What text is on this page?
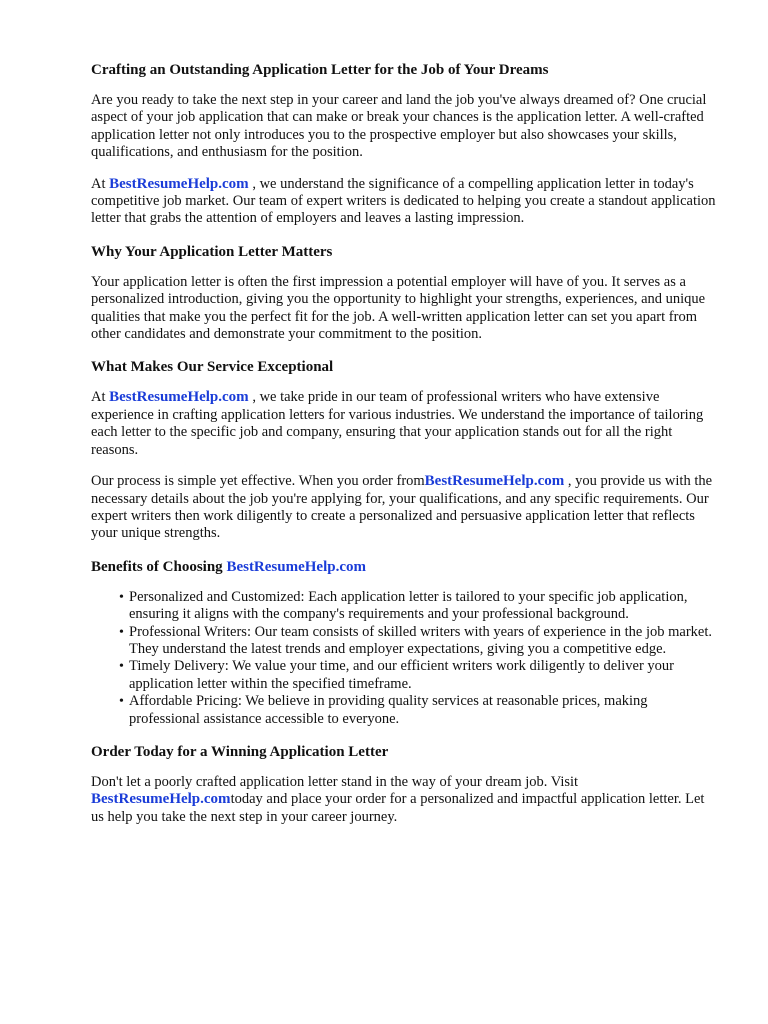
Crafting an Outstanding Application Letter for the Job of Your Dreams

Are you ready to take the next step in your career and land the job you've always dreamed of? One crucial aspect of your job application that can make or break your chances is the application letter. A well-crafted application letter not only introduces you to the prospective employer but also showcases your skills, qualifications, and enthusiasm for the position.

At BestResumeHelp.com , we understand the significance of a compelling application letter in today's competitive job market. Our team of expert writers is dedicated to helping you create a standout application letter that grabs the attention of employers and leaves a lasting impression.

Why Your Application Letter Matters

Your application letter is often the first impression a potential employer will have of you. It serves as a personalized introduction, giving you the opportunity to highlight your strengths, experiences, and unique qualities that make you the perfect fit for the job. A well-written application letter can set you apart from other candidates and demonstrate your commitment to the position.

What Makes Our Service Exceptional

At BestResumeHelp.com , we take pride in our team of professional writers who have extensive experience in crafting application letters for various industries. We understand the importance of tailoring each letter to the specific job and company, ensuring that your application stands out for all the right reasons.

Our process is simple yet effective. When you order fromBestResumeHelp.com , you provide us with the necessary details about the job you're applying for, your qualifications, and any specific requirements. Our expert writers then work diligently to create a personalized and persuasive application letter that reflects your unique strengths.

Benefits of Choosing BestResumeHelp.com
• Personalized and Customized: Each application letter is tailored to your specific job application, ensuring it aligns with the company's requirements and your professional background.
• Professional Writers: Our team consists of skilled writers with years of experience in the job market. They understand the latest trends and employer expectations, giving you a competitive edge.
• Timely Delivery: We value your time, and our efficient writers work diligently to deliver your application letter within the specified timeframe.
• Affordable Pricing: We believe in providing quality services at reasonable prices, making professional assistance accessible to everyone.
Order Today for a Winning Application Letter

Don't let a poorly crafted application letter stand in the way of your dream job. Visit BestResumeHelp.comtoday and place your order for a personalized and impactful application letter. Let us help you take the next step in your career journey.
